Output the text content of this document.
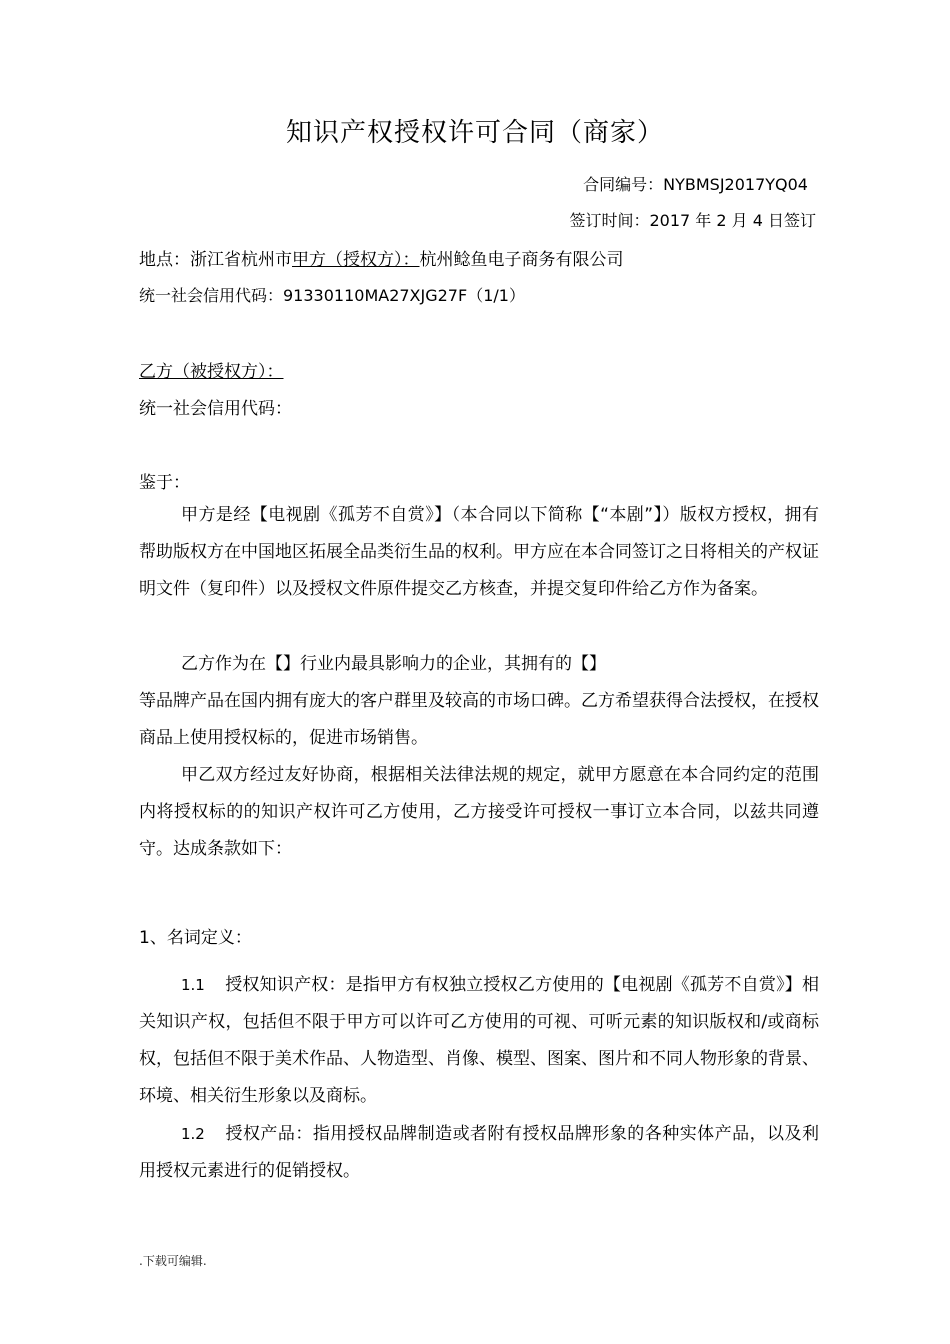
知识产权授权许可合同（商家）
合同编号：NYBMSJ2017YQ04
签订时间：2017 年 2 月 4 日签订
地点：浙江省杭州市甲方（授权方）：杭州鲶鱼电子商务有限公司
统一社会信用代码：91330110MA27XJG27F（1/1）
乙方（被授权方）：
统一社会信用代码：
鉴于：
甲方是经【电视剧《孤芳不自赏》】（本合同以下简称【“本剧”】）版权方授权，拥有帮助版权方在中国地区拓展全品类衍生品的权利。甲方应在本合同签订之日将相关的产权证明文件（复印件）以及授权文件原件提交乙方核查，并提交复印件给乙方作为备案。
乙方作为在【】行业内最具影响力的企业，其拥有的【】
等品牌产品在国内拥有庞大的客户群里及较高的市场口碑。乙方希望获得合法授权，在授权商品上使用授权标的，促进市场销售。
甲乙双方经过友好协商，根据相关法律法规的规定，就甲方愿意在本合同约定的范围内将授权标的的知识产权许可乙方使用，乙方接受许可授权一事订立本合同，以兹共同遵守。达成条款如下：
1、名词定义：
1.1 授权知识产权：是指甲方有权独立授权乙方使用的【电视剧《孤芳不自赏》】相关知识产权，包括但不限于甲方可以许可乙方使用的可视、可听元素的知识版权和/或商标权，包括但不限于美术作品、人物造型、肖像、模型、图案、图片和不同人物形象的背景、环境、相关衍生形象以及商标。
1.2 授权产品：指用授权品牌制造或者附有授权品牌形象的各种实体产品，以及利用授权元素进行的促销授权。
.下载可编辑.
